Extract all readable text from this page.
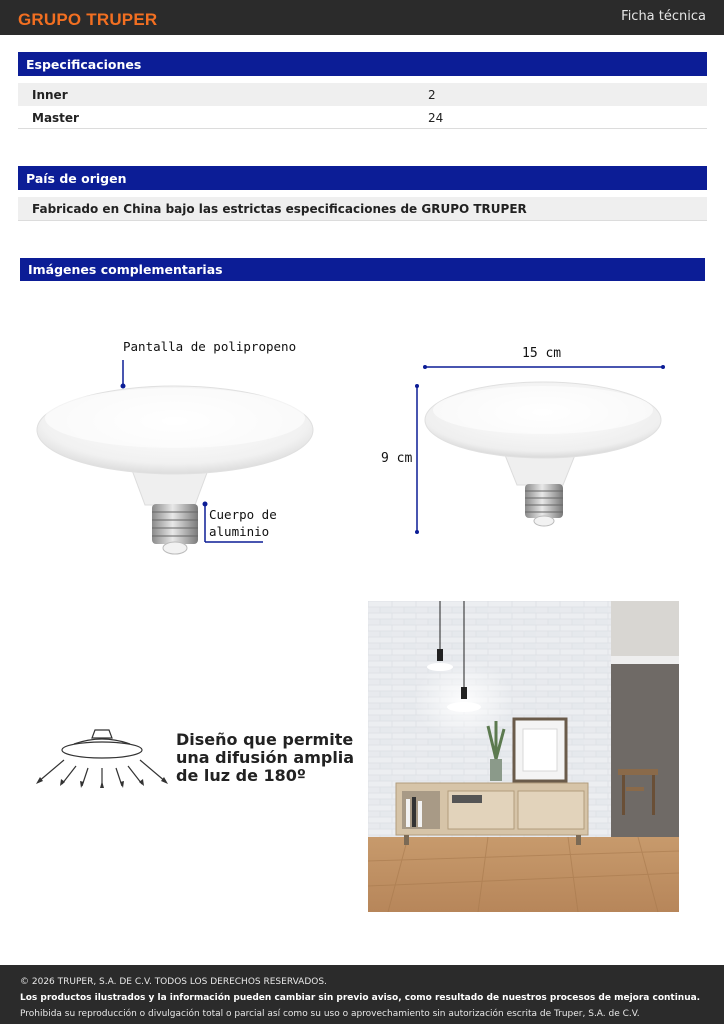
GRUPO TRUPER	Ficha técnica
Especificaciones
Inner	2
Master	24
País de origen
Fabricado en China bajo las estrictas especificaciones de GRUPO TRUPER
Imágenes complementarias
Pantalla de polipropeno
Cuerpo de
aluminio
15 cm
9 cm
Diseño que permite
una difusión amplia
de luz de 180º
© 2026 TRUPER, S.A. DE C.V. TODOS LOS DERECHOS RESERVADOS.
Los productos ilustrados y la información pueden cambiar sin previo aviso, como resultado de nuestros procesos de mejora continua.
Prohibida su reproducción o divulgación total o parcial así como su uso o aprovechamiento sin autorización escrita de Truper, S.A. de C.V.
